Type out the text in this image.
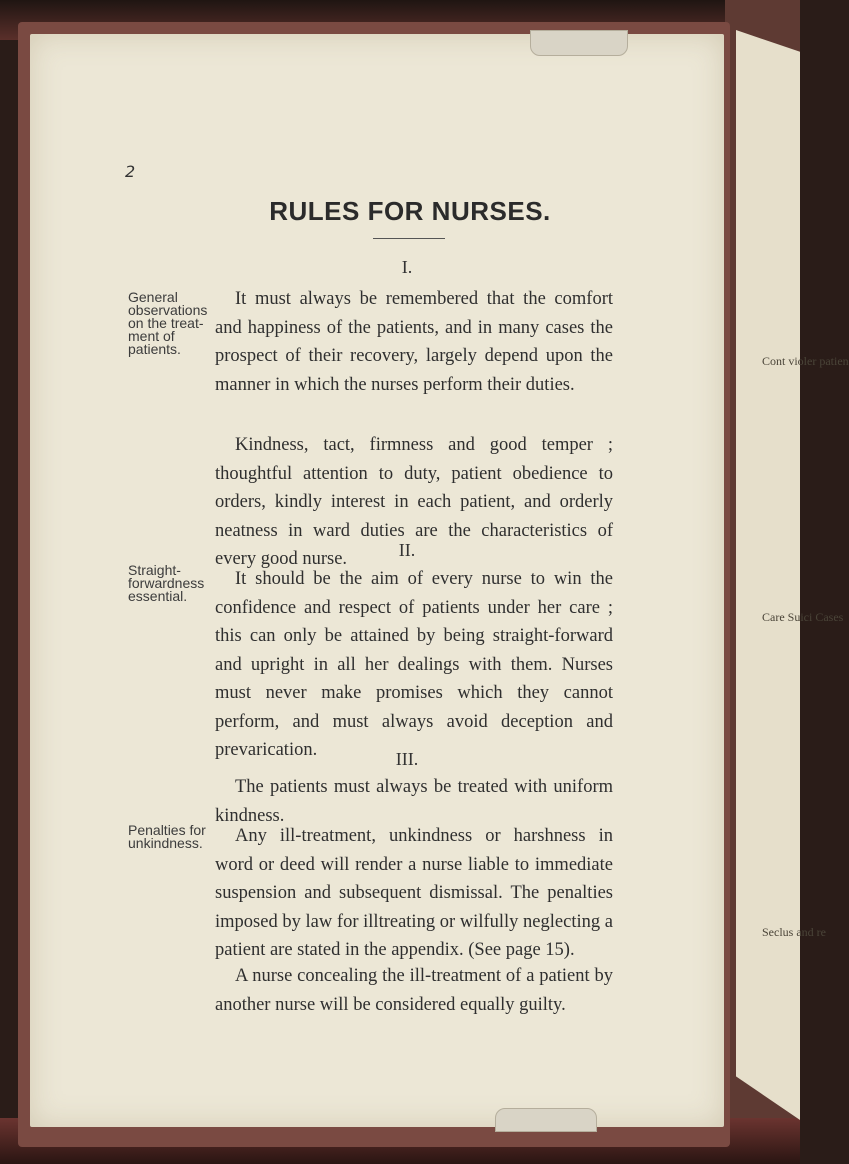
Cont violer patien
Care Suici Cases
Seclus and re
2
RULES FOR NURSES.
I.
General observations on the treat-ment of patients.

It must always be remembered that the comfort and happiness of the patients, and in many cases the prospect of their recovery, largely depend upon the manner in which the nurses perform their duties.

Kindness, tact, firmness and good temper ; thoughtful attention to duty, patient obedience to orders, kindly interest in each patient, and orderly neatness in ward duties are the characteristics of every good nurse.	II.
Straight-forwardness essential.

It should be the aim of every nurse to win the confidence and respect of patients under her care ; this can only be attained by being straight-forward and upright in all her dealings with them. Nurses must never make promises which they cannot perform, and must always avoid deception and prevarication.	III.

The patients must always be treated with uniform kindness.

Penalties for unkindness.	Any ill-treatment, unkindness or harshness in word or deed will render a nurse liable to immediate suspension and subsequent dismissal. The penalties imposed by law for illtreating or wilfully neglecting a patient are stated in the appendix. (See page 15).

A nurse concealing the ill-treatment of a patient by another nurse will be considered equally guilty.
